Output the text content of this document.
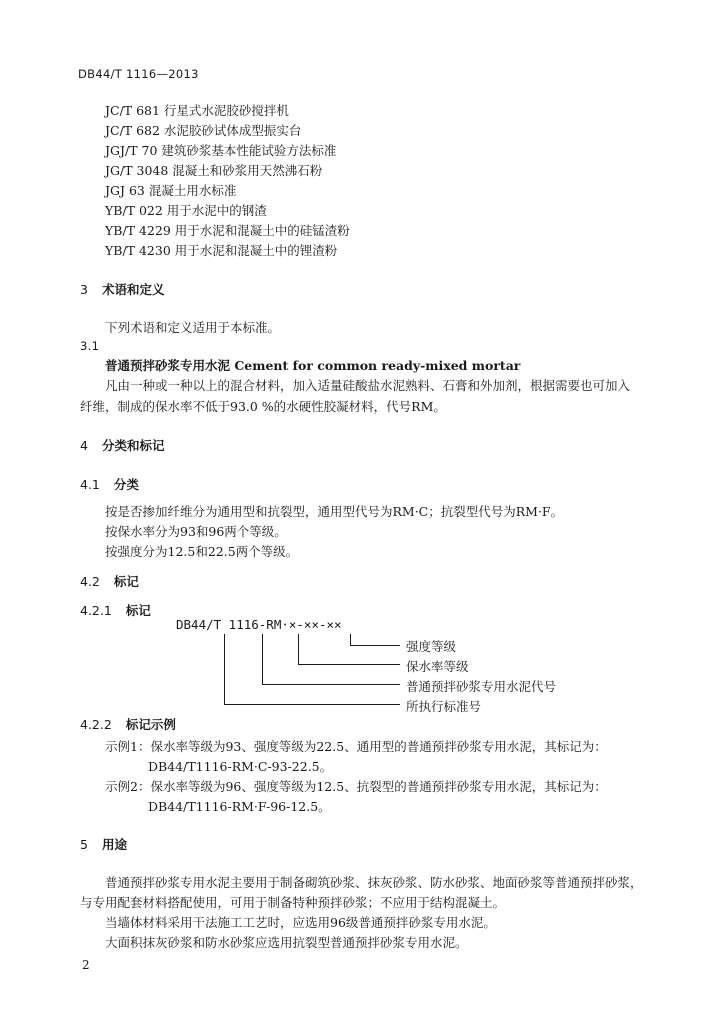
DB44/T 1116—2013
JC/T 681 行星式水泥胶砂搅拌机
JC/T 682 水泥胶砂试体成型振实台
JGJ/T 70 建筑砂浆基本性能试验方法标准
JG/T 3048 混凝土和砂浆用天然沸石粉
JGJ 63 混凝土用水标准
YB/T 022 用于水泥中的钢渣
YB/T 4229 用于水泥和混凝土中的硅锰渣粉
YB/T 4230 用于水泥和混凝土中的锂渣粉
3 术语和定义
下列术语和定义适用于本标准。
3.1
普通预拌砂浆专用水泥 Cement for common ready-mixed mortar
凡由一种或一种以上的混合材料，加入适量硅酸盐水泥熟料、石膏和外加剂，根据需要也可加入
纤维，制成的保水率不低于93.0 %的水硬性胶凝材料，代号RM。
4 分类和标记
4.1 分类
按是否掺加纤维分为通用型和抗裂型，通用型代号为RM·C；抗裂型代号为RM·F。
按保水率分为93和96两个等级。
按强度分为12.5和22.5两个等级。
4.2 标记
4.2.1 标记
DB44/T 1116-RM·×-××-××
强度等级
保水率等级
普通预拌砂浆专用水泥代号
所执行标准号
4.2.2 标记示例
示例1：保水率等级为93、强度等级为22.5、通用型的普通预拌砂浆专用水泥，其标记为：
DB44/T1116-RM·C-93-22.5。
示例2：保水率等级为96、强度等级为12.5、抗裂型的普通预拌砂浆专用水泥，其标记为：
DB44/T1116-RM·F-96-12.5。
5 用途
普通预拌砂浆专用水泥主要用于制备砌筑砂浆、抹灰砂浆、防水砂浆、地面砂浆等普通预拌砂浆，
与专用配套材料搭配使用，可用于制备特种预拌砂浆；不应用于结构混凝土。
当墙体材料采用干法施工工艺时，应选用96级普通预拌砂浆专用水泥。
大面积抹灰砂浆和防水砂浆应选用抗裂型普通预拌砂浆专用水泥。
2
